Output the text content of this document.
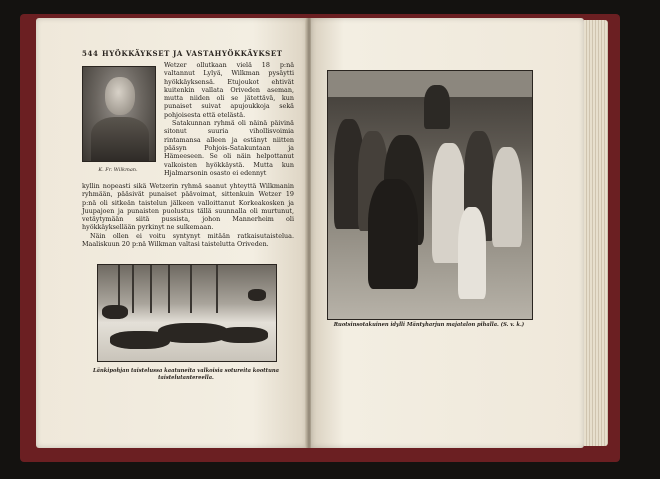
544 HYÖKKÄYKSET JA VASTAHYÖKKÄYKSET
K. Fr. Wilkman.

Wetzer ollutkaan vielä 18 p:nä valtannut Lylyä, Wilkman pysäytti hyökkäyksensä. Etujoukot ehtivät kuitenkin vallata Oriveden aseman, mutta niiden oli se jätettävä, kun punaiset suivat apujoukkoja sekä pohjoisesta että etelästä.

Satakunnan ryhmä oli näinä päivinä sitonut suuria vihollisvoimia rintamansa alleen ja estänyt niitten pääsyn Pohjois-Satakuntaan ja Hämeeseen. Se oli näin helpottanut valkoisten hyökkäystä. Mutta kun Hjalmarsonin osasto ei edennyt

kyllin nopeasti sikä Wetzerin ryhmä saanut yhteyttä Wilkmanin ryhmään, pääsivät punaiset päävoimat, sittenkuin Wetzer 19 p:nä oli sitkeän taistelun jälkeen valloittanut Korkeakosken ja Juupajoen ja punaisten puolustus tällä suunnalla oli murtunut, vetäytymään siitä pussista, johon Mannerheim oli hyökkäyksellään pyrkinyt ne sulkemaan.

Näin ollen ei voitu syntynyt mitään ratkaisutaistelua. Maaliskuun 20 p:nä Wilkman valtasi taistelutta Oriveden.

Länkipohjan taistelussa kaatuneita valkoisia sotureita koottuna taistelutantereella.
Ruotsinsotakuinen idylli Mäntyharjun majatalon pihalla. (S. v. k.)
